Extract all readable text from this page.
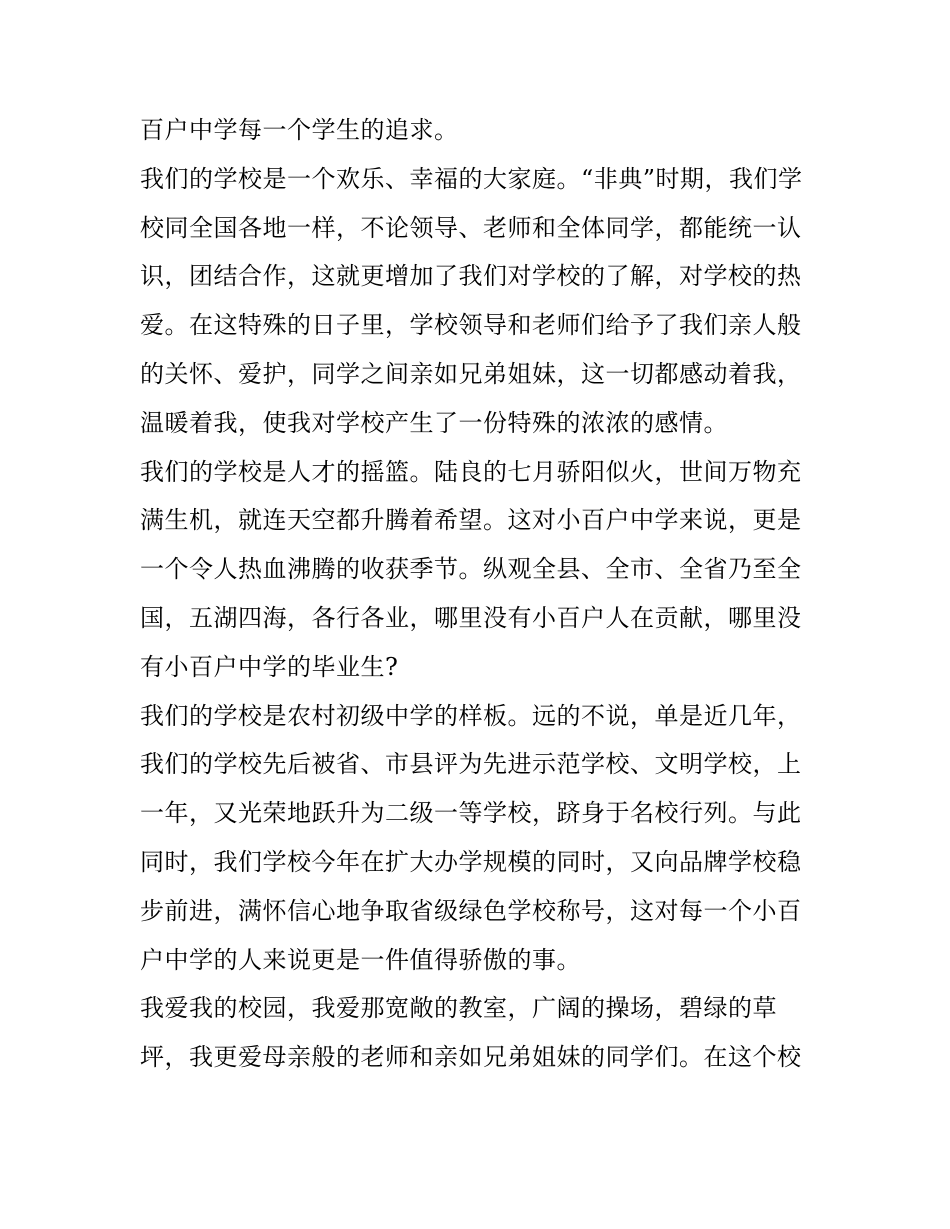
百户中学每一个学生的追求。
我们的学校是一个欢乐、幸福的大家庭。“非典”时期，我们学
校同全国各地一样，不论领导、老师和全体同学，都能统一认
识，团结合作，这就更增加了我们对学校的了解，对学校的热
爱。在这特殊的日子里，学校领导和老师们给予了我们亲人般
的关怀、爱护，同学之间亲如兄弟姐妹，这一切都感动着我，
温暖着我，使我对学校产生了一份特殊的浓浓的感情。
我们的学校是人才的摇篮。陆良的七月骄阳似火，世间万物充
满生机，就连天空都升腾着希望。这对小百户中学来说，更是
一个令人热血沸腾的收获季节。纵观全县、全市、全省乃至全
国，五湖四海，各行各业，哪里没有小百户人在贡献，哪里没
有小百户中学的毕业生?
我们的学校是农村初级中学的样板。远的不说，单是近几年，
我们的学校先后被省、市县评为先进示范学校、文明学校，上
一年，又光荣地跃升为二级一等学校，跻身于名校行列。与此
同时，我们学校今年在扩大办学规模的同时，又向品牌学校稳
步前进，满怀信心地争取省级绿色学校称号，这对每一个小百
户中学的人来说更是一件值得骄傲的事。
我爱我的校园，我爱那宽敞的教室，广阔的操场，碧绿的草
坪，我更爱母亲般的老师和亲如兄弟姐妹的同学们。在这个校
